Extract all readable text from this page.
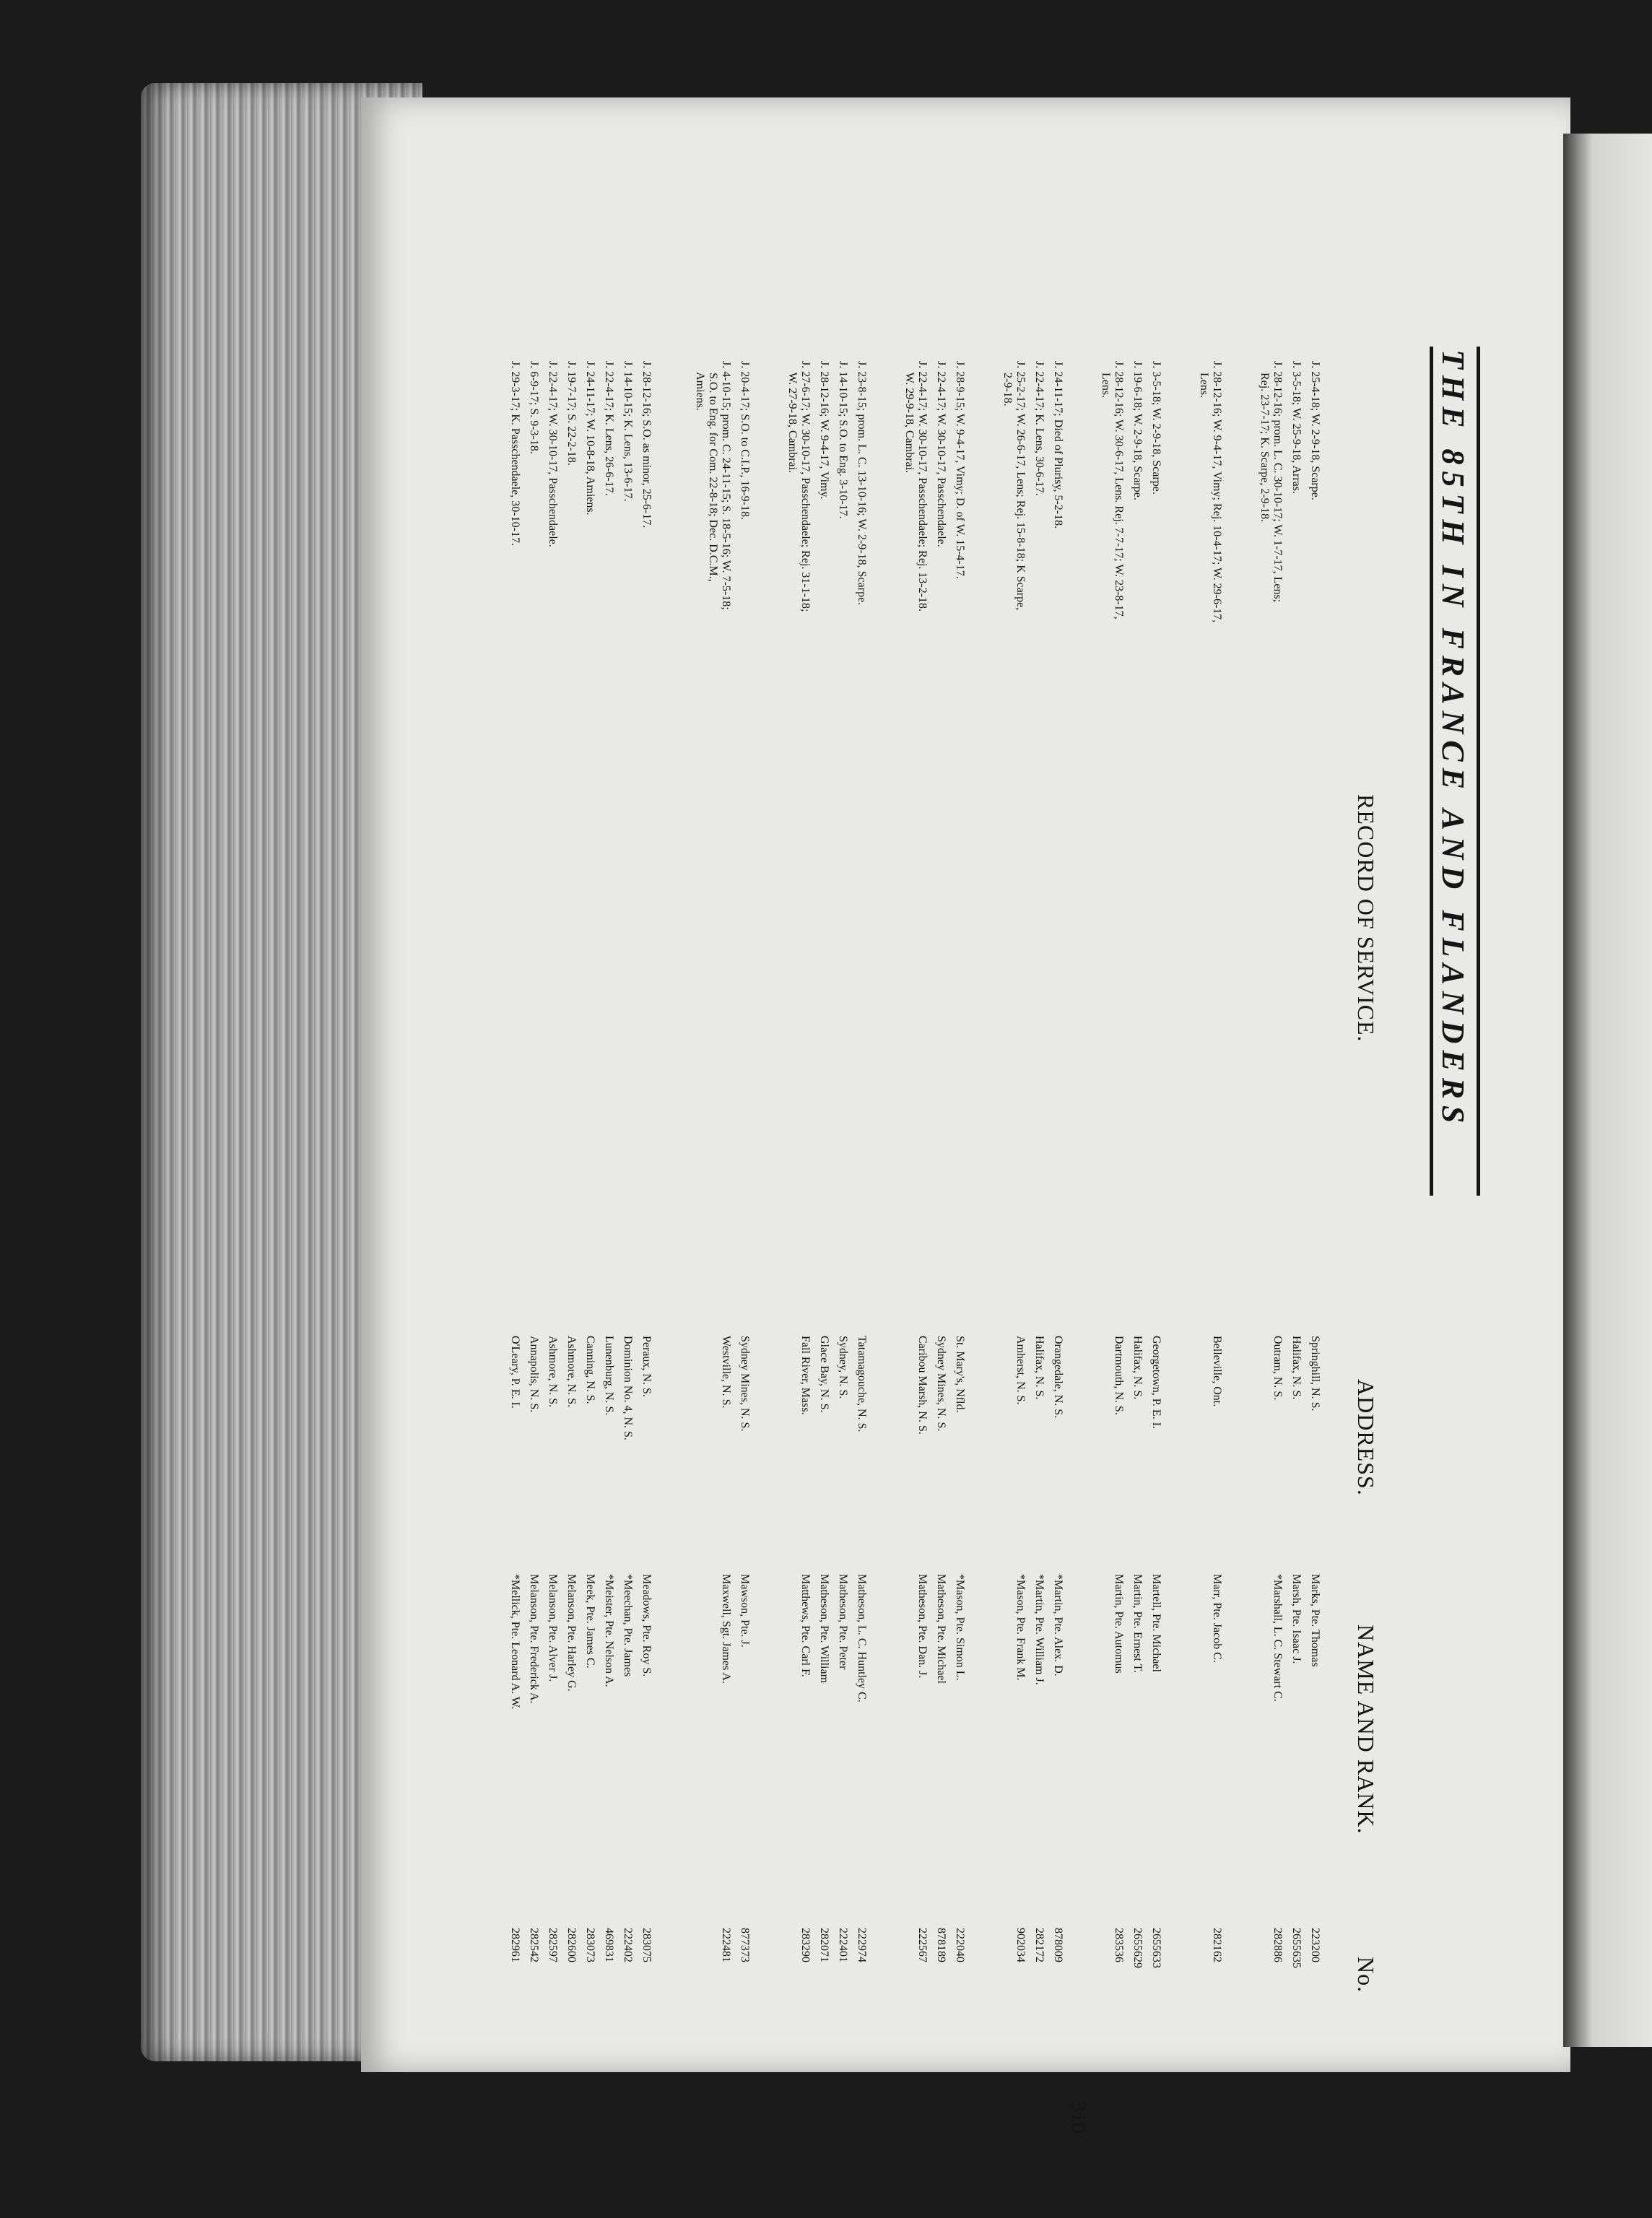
THE 85TH IN FRANCE AND FLANDERS
No.
NAME AND RANK.
ADDRESS.
RECORD OF SERVICE.
223200
Marks, Pte. Thomas
Springhill, N. S.
J. 25-4-18; W. 2-9-18, Scarpe.
2655635
Marsh, Pte. Isaac J.
Halifax, N. S.
J. 3-5-18; W. 25-9-18, Arras.
282886
*Marshall, L. C. Stewart C.
Outram, N. S.
J. 28-12-16; prom. L. C. 30-10-17; W. 1-7-17, Lens;
Rej. 23-7-17; K. Scarpe, 2-9-18.
282162
Marr, Pte. Jacob C.
Belleville, Ont.
J. 28-12-16; W. 9-4-17, Vimy; Rej. 10-4-17; W. 29-6-17,
Lens.
2655633
Martell, Pte. Michael
Georgetown, P. E. I.
J. 3-5-18; W. 2-9-18, Scarpe.
2655629
Martin, Pte. Ernest T.
Halifax, N. S.
J. 19-6-18; W. 2-9-18, Scarpe.
283536
Martin, Pte. Automus
Dartmouth, N. S.
J. 28-12-16; W. 30-6-17, Lens. Rej. 7-7-17; W. 23-8-17,
Lens.
878009
*Martin, Pte. Alex. D.
Orangedale, N. S.
J. 24-11-17; Died of Plurisy, 5-2-18.
282172
*Martin, Pte. William J.
Halifax, N. S.
J. 22-4-17; K. Lens, 30-6-17.
902034
*Mason, Pte. Frank M.
Amherst, N. S.
J. 25-2-17; W. 26-6-17, Lens; Rej. 15-8-18; K Scarpe,
2-9-18.
222040
*Mason, Pte. Simon L.
St. Mary's, Nfld.
J. 28-9-15; W. 9-4-17, Vimy; D. of W. 15-4-17.
878189
Matheson, Pte. Michael
Sydney Mines, N. S.
J. 22-4-17; W. 30-10-17, Passchendaele.
222567
Matheson, Pte. Dan. J.
Caribou Marsh, N. S.
J. 22-4-17; W. 30-10-17, Passchendaele; Rej. 13-2-18.
W. 29-9-18, Cambrai.
222974
Matheson, L. C. Huntley C.
Tatamagouche, N. S.
J. 23-8-15; prom. L. C. 13-10-16; W. 2-9-18, Scarpe.
222401
Matheson, Pte. Peter
Sydney, N. S.
J. 14-10-15; S.O. to Eng. 3-10-17.
282071
Matheson, Pte. William
Glace Bay, N. S.
J. 28-12-16; W. 9-4-17, Vimy.
283290
Matthews, Pte. Carl F.
Fall River, Mass.
J. 27-6-17; W. 30-10-17, Passchendaele; Rej. 31-1-18;
W. 27-9-18, Cambrai.
877373
Mawson, Pte. J.
Sydney Mines, N. S.
J. 20-4-17; S.O. to C.I.P., 16-9-18.
222481
Maxwell, Sgt. James A.
Westville, N. S.
J. 4-10-15; prom. C. 24-11-15; S. 18-5-16; W. 7-5-18;
S.O. to Eng. for Com. 22-8-18; Dec. D.C.M.,
Amiens.
283075
Meadows, Pte. Roy S.
Peraux, N. S.
J. 28-12-16; S.O. as minor, 25-6-17.
222402
*Meechan, Pte. James
Dominion No. 4, N. S.
J. 14-10-15; K. Lens, 13-6-17.
469831
*Meister, Pte. Nelson A.
Lunenburg, N. S.
J. 22-4-17; K. Lens, 26-6-17.
283073
Meek, Pte. James C.
Canning, N. S.
J. 24-11-17; W. 10-8-18, Amiens.
282600
Melanson, Pte. Harley G.
Ashmore, N. S.
J. 19-7-17; S. 22-2-18.
282597
Melanson, Pte. Alver J.
Ashmore, N. S.
J. 22-4-17; W. 30-10-17, Passchendaele.
282542
Melanson, Pte. Frederick A.
Annapolis, N. S.
J. 6-9-17; S. 9-3-18.
282961
*Mellick, Pte. Leonard A. W.
O'Leary, P. E. I.
J. 29-3-17; K. Passchendaele, 30-10-17.
310
